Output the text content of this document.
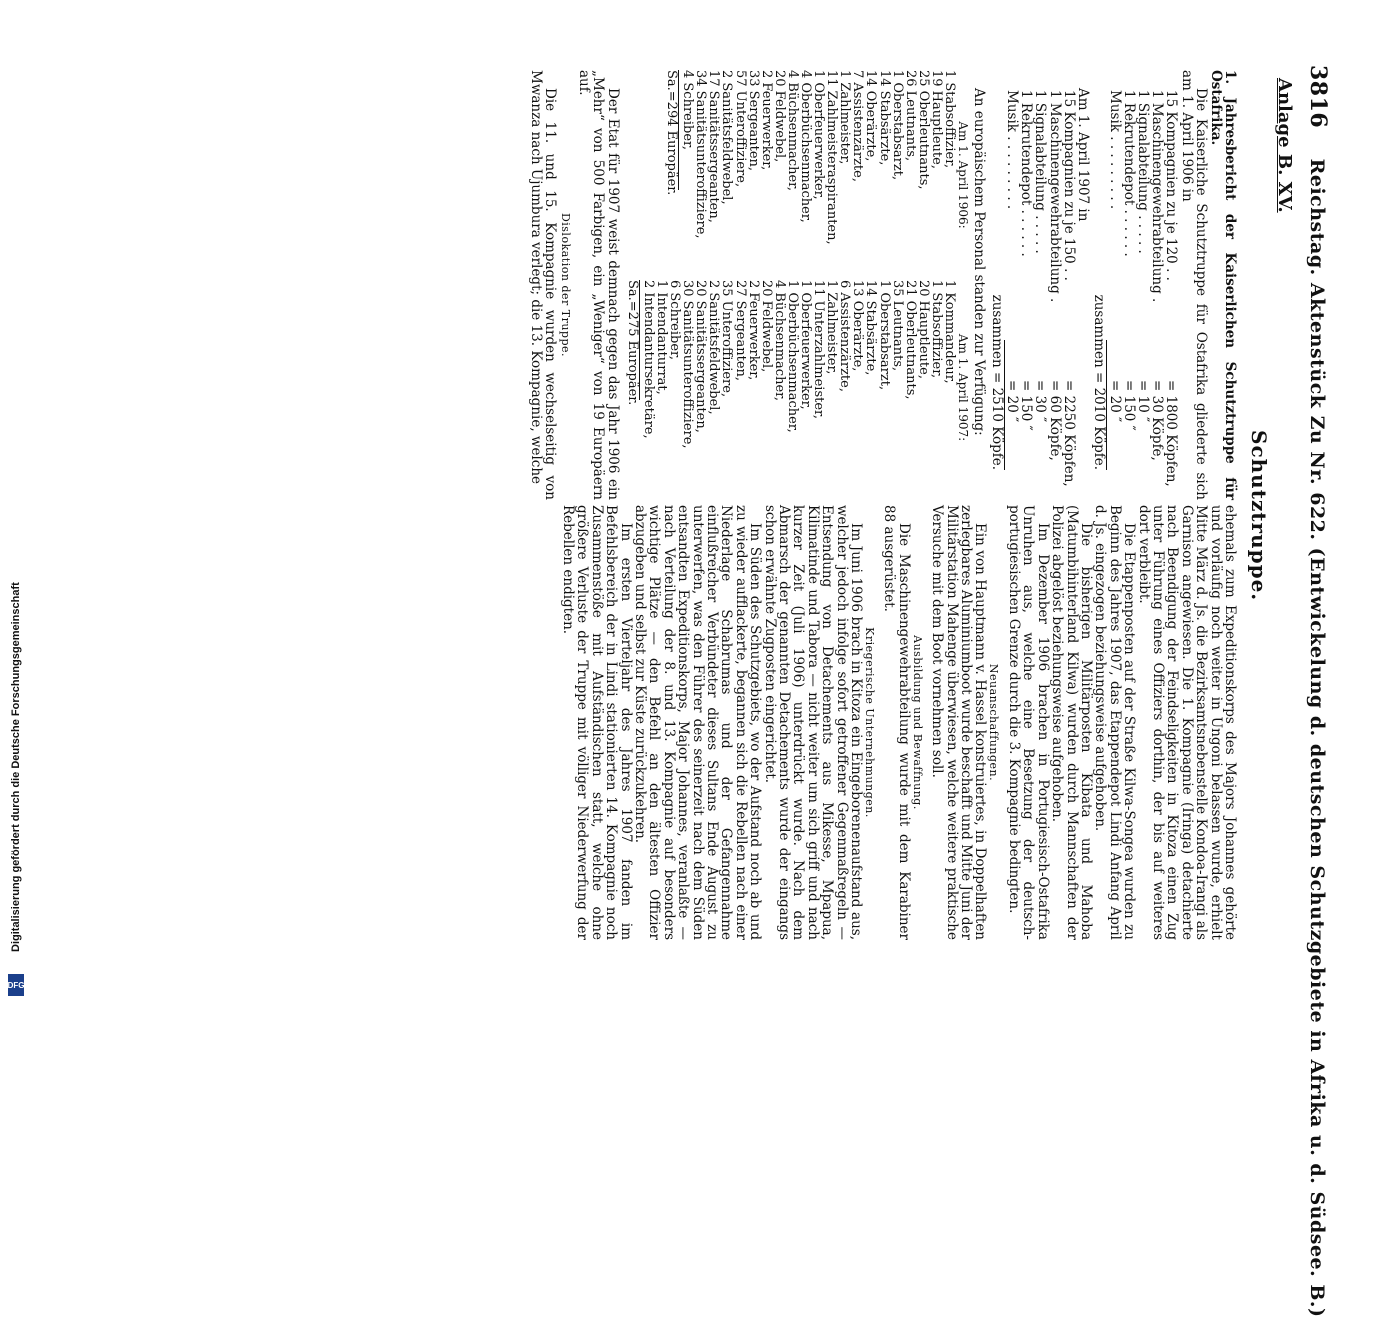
3816  Reichstag. Aktenstück Zu Nr. 622. (Entwickelung d. deutschen Schutzgebiete in Afrika u. d. Südsee. B.)
Anlage B. XV.
Schutztruppe.
1. Jahresbericht der Kaiserlichen Schutztruppe für Ostafrika.

Die Kaiserliche Schutztruppe für Ostafrika gliederte sich am 1. April 1906 in

15 Kompagnien zu je 120 . .
= 1800 Köpfen,
1 Maschinengewehrabteilung .
= 30 Köpfe,
1 Signalabteilung . . . . .
= 10 ″
1 Rekrutendepot . . . . . .
= 150 ″
Musik . . . . . . . . .
= 20 ″
zusammen = 2010 Köpfe.

Am 1. April 1907 in

15 Kompagnien zu je 150 . .
= 2250 Köpfen,
1 Maschinengewehrabteilung .
= 60 Köpfe,
1 Signalabteilung . . . . .
= 30 ″
1 Rekrutendepot . . . . . .
= 150 ″
Musik . . . . . . . . .
= 20 ″
zusammen = 2510 Köpfe.

An europäischem Personal standen zur Verfügung:

Am 1. April 1906:
1 Stabsoffizier,
19 Hauptleute,
25 Oberleutnants,
26 Leutnants,
1 Oberstabsarzt,
14 Stabsärzte,
14 Oberärzte,
7 Assistenzärzte,
1 Zahlmeister,
11 Zahlmeisteraspiranten,
1 Oberfeuerwerker,
4 Oberbüchsenmacher,
4 Büchsenmacher,
20 Feldwebel,
2 Feuerwerker,
33 Sergeanten,
57 Unteroffiziere,
2 Sanitätsfeldwebel,
17 Sanitätssergeanten,
34 Sanitätsunteroffiziere,
4 Schreiber,
Sa.=294 Europäer.
Am 1. April 1907:
1 Kommandeur,
1 Stabsoffizier,
20 Hauptleute,
21 Oberleutnants,
35 Leutnants,
1 Oberstabsarzt,
14 Stabsärzte,
13 Oberärzte,
6 Assistenzärzte,
1 Zahlmeister,
11 Unterzahlmeister,
1 Oberfeuerwerker,
1 Oberbüchsenmacher,
4 Büchsenmacher,
20 Feldwebel,
2 Feuerwerker,
27 Sergeanten,
35 Unteroffiziere,
2 Sanitätsfeldwebel,
20 Sanitätssergeanten,
30 Sanitätsunteroffiziere,
6 Schreiber,
1 Intendanturrat,
2 Intendantursekretäre,
Sa.=275 Europäer.

Der Etat für 1907 weist demnach gegen das Jahr 1906 ein „Mehr“ von 500 Farbigen, ein „Weniger“ von 19 Europäern auf.

Dislokation der Truppe.

Die 11. und 15. Kompagnie wurden wechselseitig von Mwanza nach Ujumbura verlegt; die 13. Kompagnie, welche

ehemals zum Expeditionskorps des Majors Johannes gehörte und vorläufig noch weiter in Ungoni belassen wurde, erhielt Mitte März d. Js. die Bezirksamtsnebenstelle Kondoa-Irangi als Garnison angewiesen. Die 1. Kompagnie (Iringa) detachierte nach Beendigung der Feindseligkeiten in Kitoza einen Zug unter Führung eines Offiziers dorthin, der bis auf weiteres dort verbleibt.

Die Etappenposten auf der Straße Kilwa-Songea wurden zu Beginn des Jahres 1907, das Etappendepot Lindi Anfang April d. Js. eingezogen beziehungsweise aufgehoben.

Die bisherigen Militärposten Kibata und Mahoba (Matumbihinterland Kilwa) wurden durch Mannschaften der Polizei abgelöst beziehungsweise aufgehoben.

Im Dezember 1906 brachen in Portugiesisch-Ostafrika Unruhen aus, welche eine Besetzung der deutsch-portugiesischen Grenze durch die 3. Kompagnie bedingten.

Neuanschaffungen.

Ein von Hauptmann v. Hassel konstruiertes, in Doppelhaften zerlegbares Aluminiumboot wurde beschafft und Mitte Juni der Militärstation Mahenge überwiesen, welche weitere praktische Versuche mit dem Boot vornehmen soll.

Ausbildung und Bewaffnung.

Die Maschinengewehrabteilung wurde mit dem Karabiner 88 ausgerüstet.

Kriegerische Unternehmungen.

Im Juni 1906 brach in Kitoza ein Eingeborenenaufstand aus, welcher jedoch infolge sofort getroffener Gegenmaßregeln — Entsendung von Detachements aus Mikesse, Mpapua, Kilimatinde und Tabora — nicht weiter um sich griff und nach kurzer Zeit (Juli 1906) unterdrückt wurde. Nach dem Abmarsch der genannten Detachements wurde der eingangs schon erwähnte Zugposten eingerichtet.

Im Süden des Schutzgebiets, wo der Aufstand noch ab und zu wieder aufflackerte, begannen sich die Rebellen nach einer Niederlage Schabrumas und der Gefangennahme einflußreicher Verbündeter dieses Sultans Ende August zu unterwerfen, was den Führer des seinerzeit nach dem Süden entsandten Expeditionskorps, Major Johannes, veranlaßte — nach Verteilung der 8. und 13. Kompagnie auf besonders wichtige Plätze — den Befehl an den ältesten Offizier abzugeben und selbst zur Küste zurückzukehren.

Im ersten Vierteljahr des Jahres 1907 fanden im Befehlsbereich der in Lindi stationierten 14. Kompagnie noch Zusammenstöße mit Aufständischen statt, welche ohne größere Verluste der Truppe mit völliger Niederwerfung der Rebellen endigten.

Digitalisierung gefördert durch die Deutsche Forschungsgemeinschaft
DFG
